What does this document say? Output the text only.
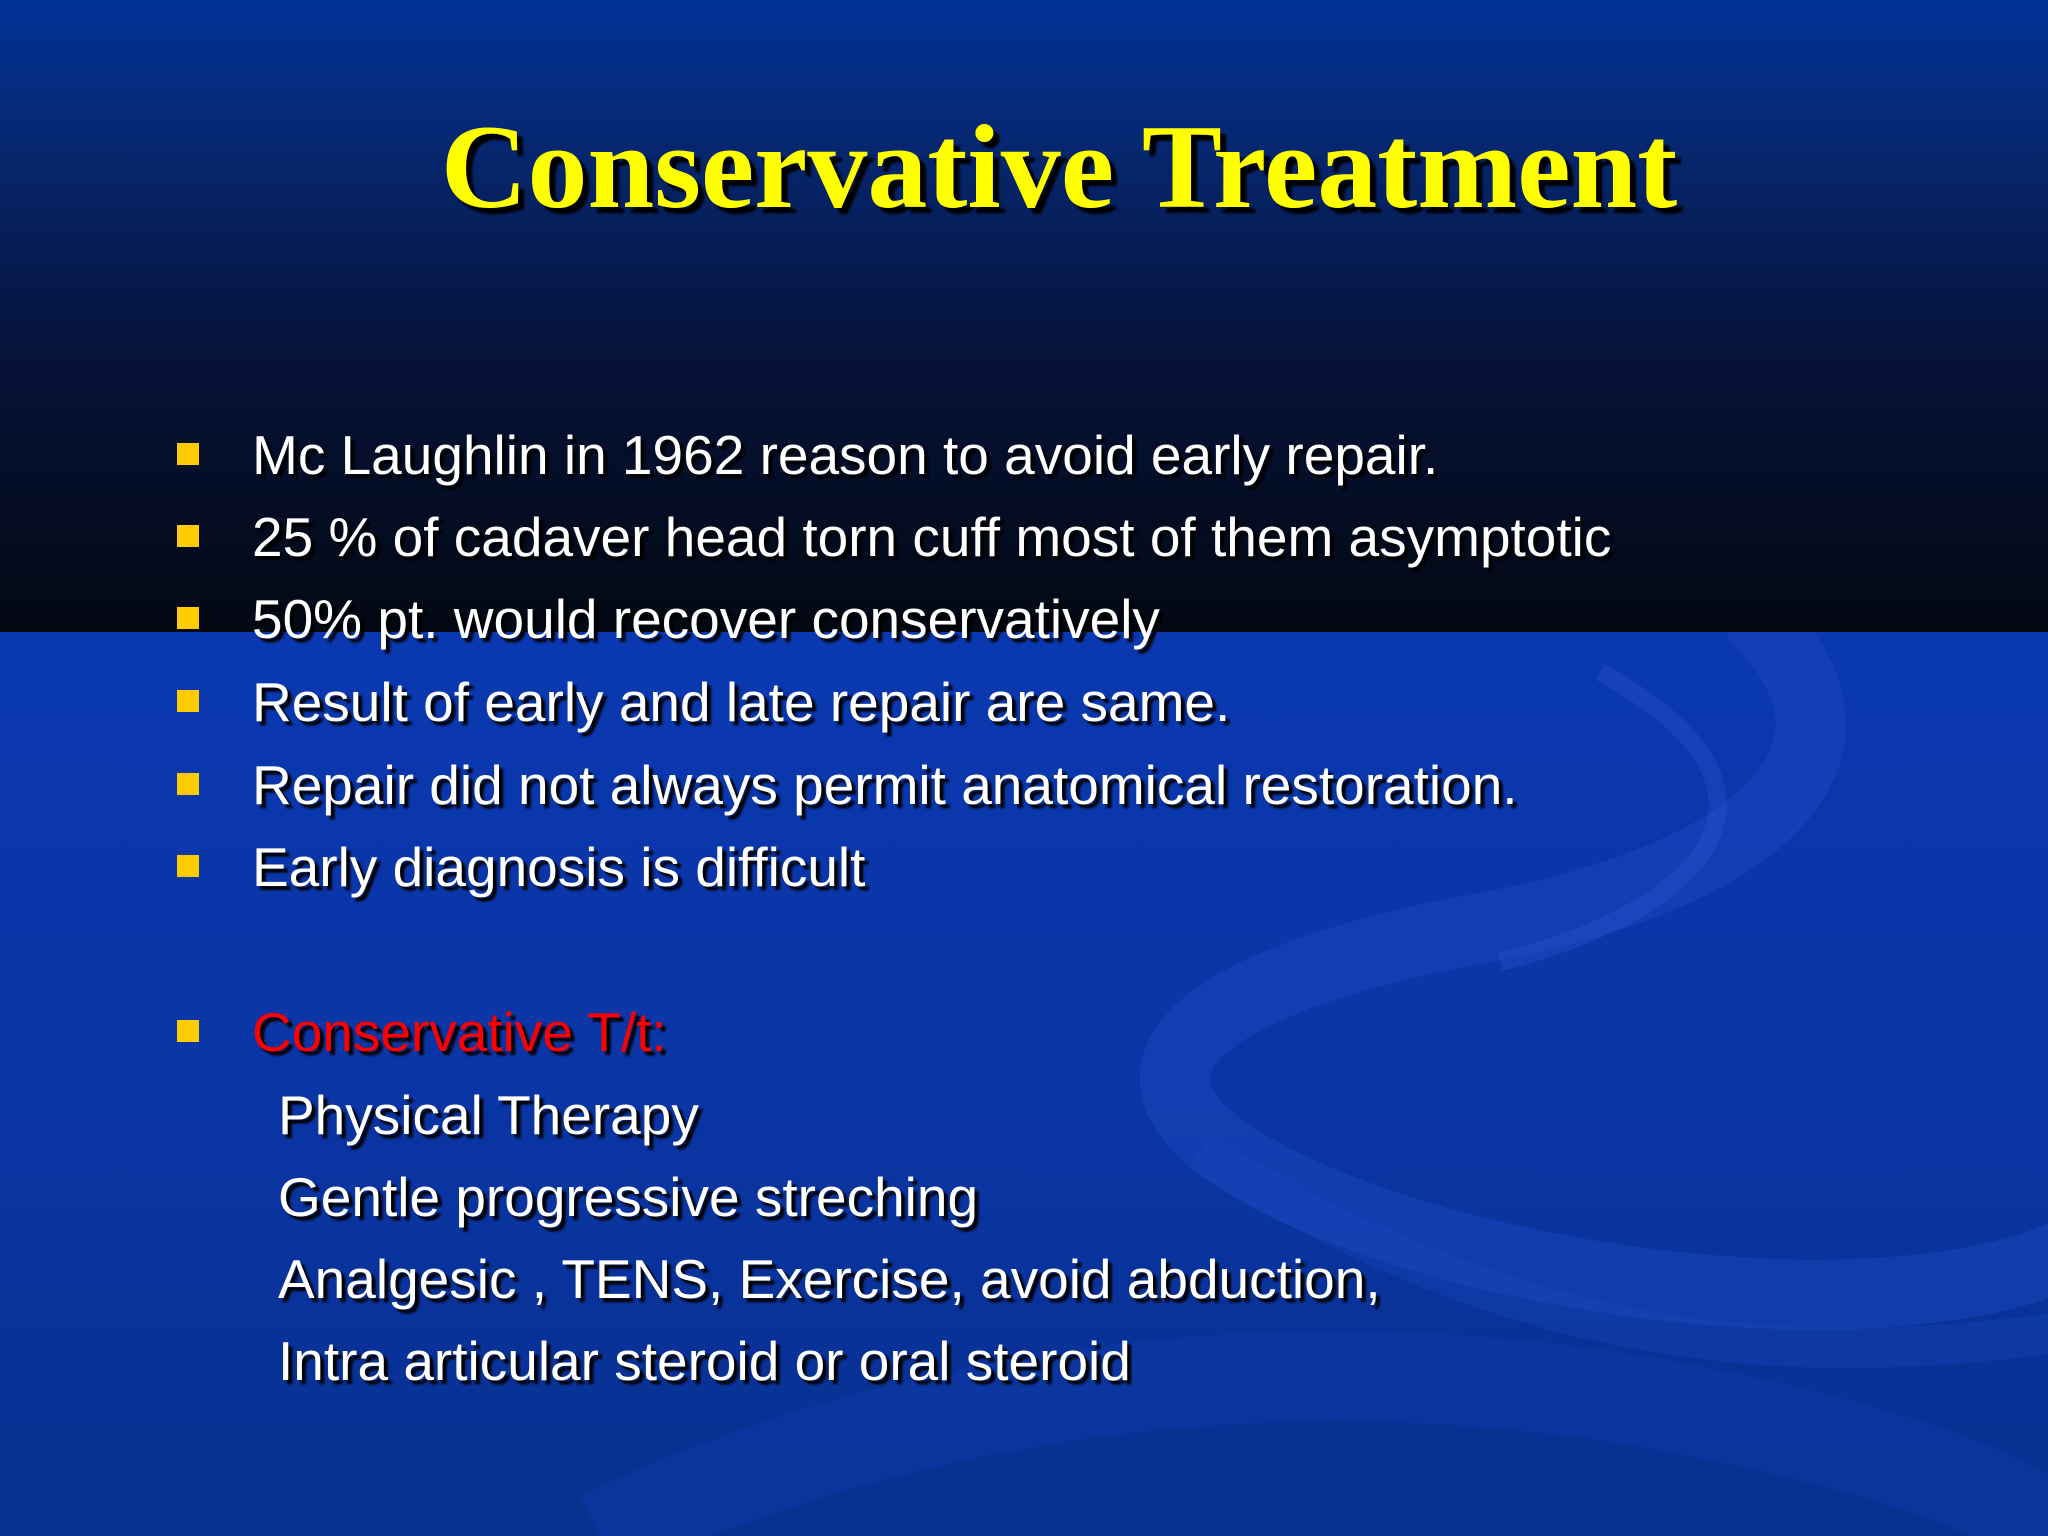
Conservative Treatment
Mc Laughlin in 1962 reason to avoid early repair.
25 % of cadaver head torn cuff most of them asymptotic
50% pt. would recover conservatively
Result of early and late repair are same.
Repair did not always permit anatomical restoration.
Early diagnosis is difficult
Conservative T/t:
Physical Therapy
Gentle progressive streching
Analgesic , TENS, Exercise, avoid abduction,
Intra articular steroid or oral steroid
